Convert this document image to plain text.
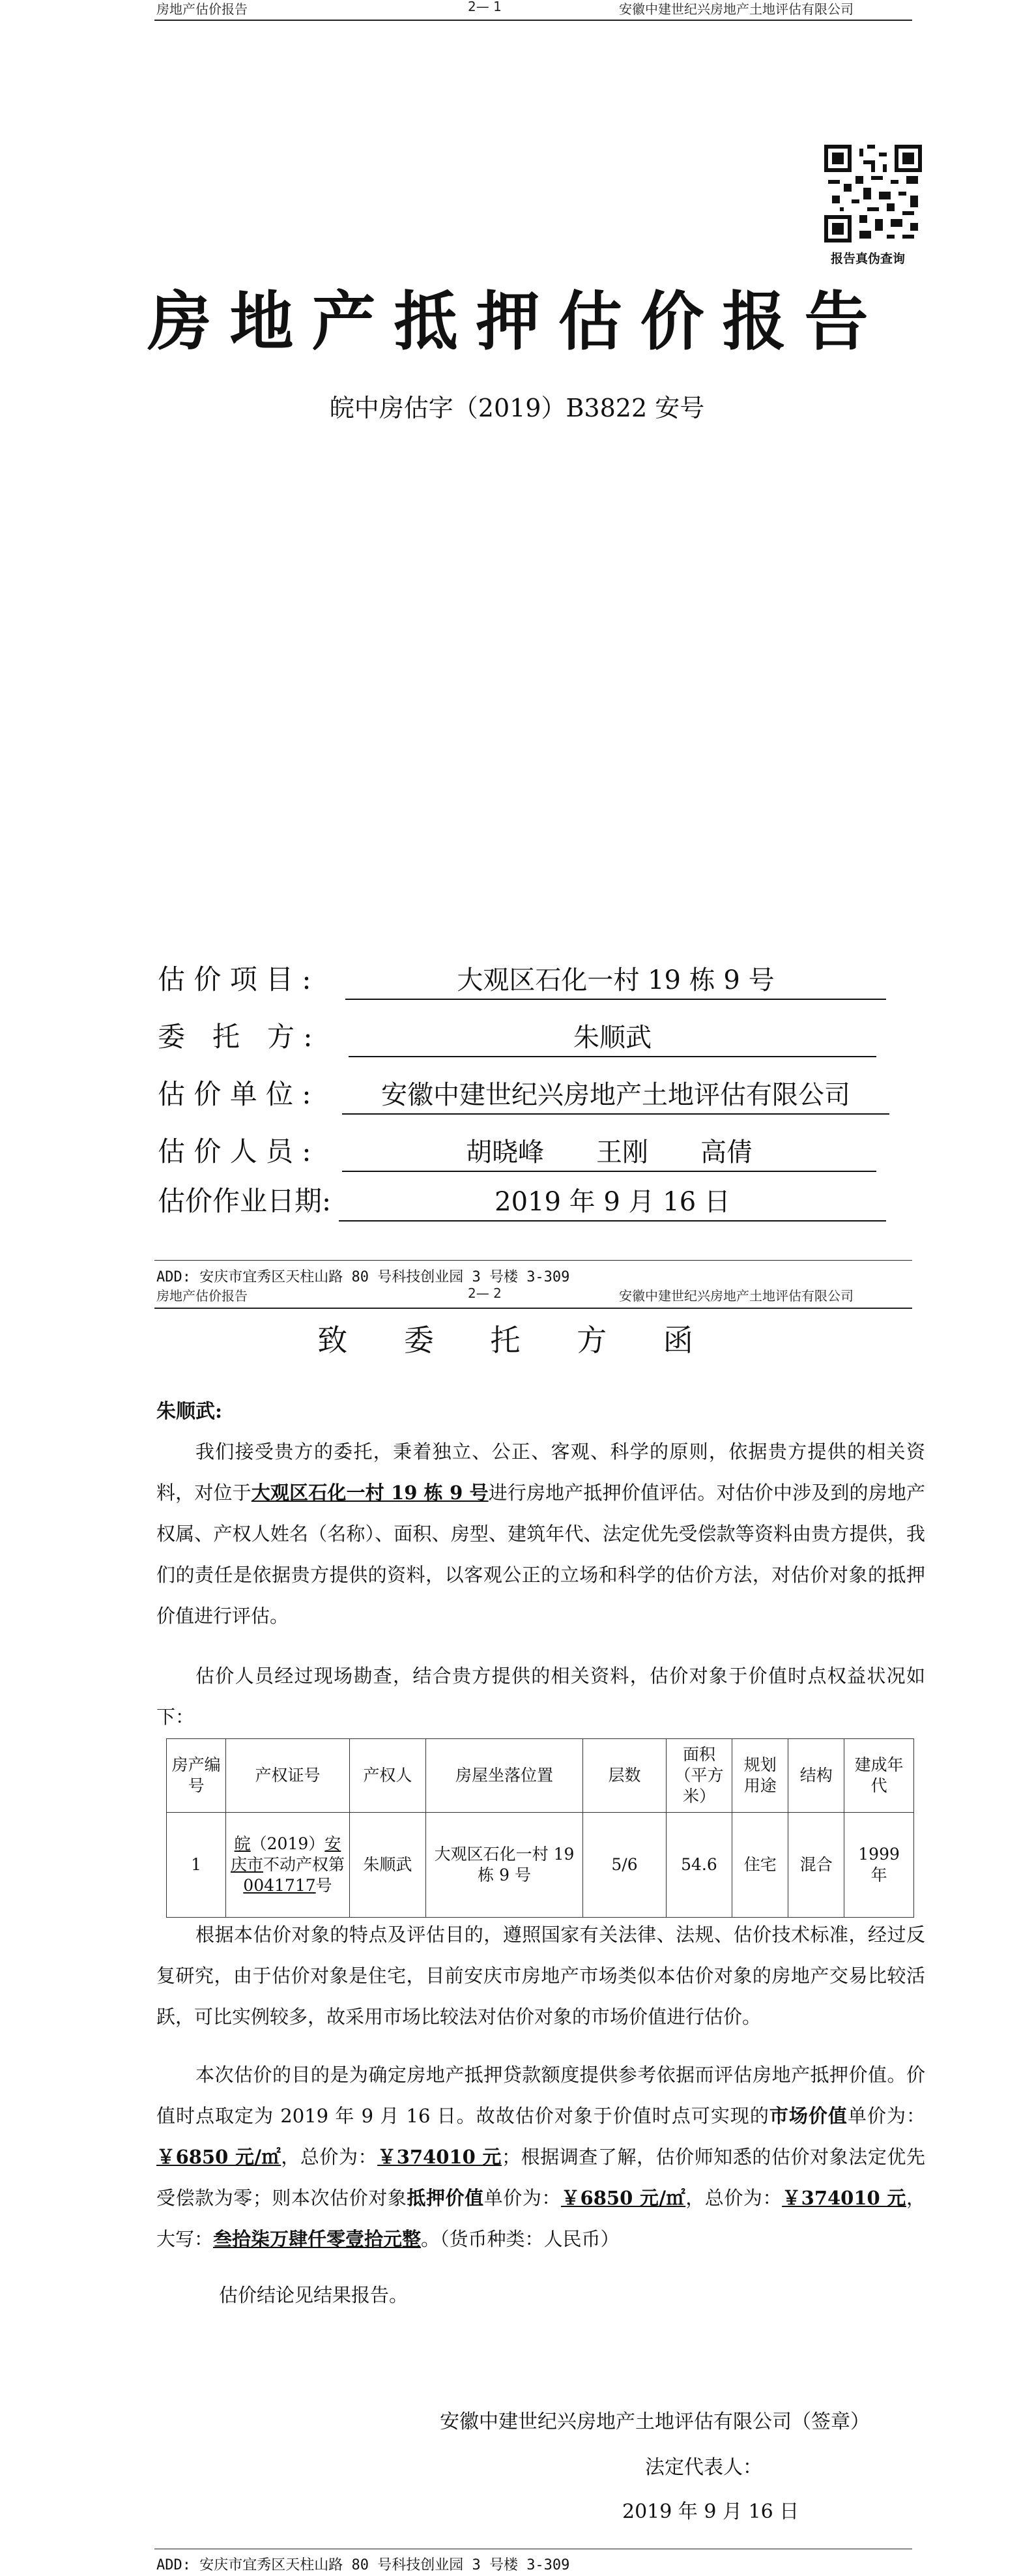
房地产估价报告	2— 1	安徽中建世纪兴房地产土地评估有限公司
报告真伪查询
房地产抵押估价报告
皖中房估字（2019）B3822 安号
估 价 项 目 :	大观区石化一村 19 栋 9 号
委　托　方 :	朱顺武
估 价 单 位 :	安徽中建世纪兴房地产土地评估有限公司
估 价 人 员 :	胡晓峰　　王刚　　高倩
估价作业日期:	2019 年 9 月 16 日
ADD: 安庆市宜秀区天柱山路 80 号科技创业园 3 号楼 3-309
房地产估价报告	2— 2	安徽中建世纪兴房地产土地评估有限公司
致 委 托 方 函
朱顺武:
我们接受贵方的委托，秉着独立、公正、客观、科学的原则，依据贵方提供的相关资料，对位于大观区石化一村 19 栋 9 号进行房地产抵押价值评估。对估价中涉及到的房地产权属、产权人姓名（名称）、面积、房型、建筑年代、法定优先受偿款等资料由贵方提供，我们的责任是依据贵方提供的资料，以客观公正的立场和科学的估价方法，对估价对象的抵押价值进行评估。
估价人员经过现场勘查，结合贵方提供的相关资料，估价对象于价值时点权益状况如下：
房产编号	产权证号	产权人	房屋坐落位置	层数	面积（平方米）	规划用途	结构	建成年代
1	皖（2019）安庆市不动产权第0041717号	朱顺武	大观区石化一村 19 栋 9 号	5/6	54.6	住宅	混合	1999 年
根据本估价对象的特点及评估目的，遵照国家有关法律、法规、估价技术标准，经过反复研究，由于估价对象是住宅，目前安庆市房地产市场类似本估价对象的房地产交易比较活跃，可比实例较多，故采用市场比较法对估价对象的市场价值进行估价。
本次估价的目的是为确定房地产抵押贷款额度提供参考依据而评估房地产抵押价值。价值时点取定为 2019 年 9 月 16 日。故故估价对象于价值时点可实现的市场价值单价为：￥6850 元/㎡，总价为：￥374010 元；根据调查了解，估价师知悉的估价对象法定优先受偿款为零；则本次估价对象抵押价值单价为：￥6850 元/㎡，总价为：￥374010 元，大写：叁拾柒万肆仟零壹拾元整。（货币种类：人民币）
估价结论见结果报告。
安徽中建世纪兴房地产土地评估有限公司（签章）
法定代表人：
2019 年 9 月 16 日
ADD: 安庆市宜秀区天柱山路 80 号科技创业园 3 号楼 3-309
